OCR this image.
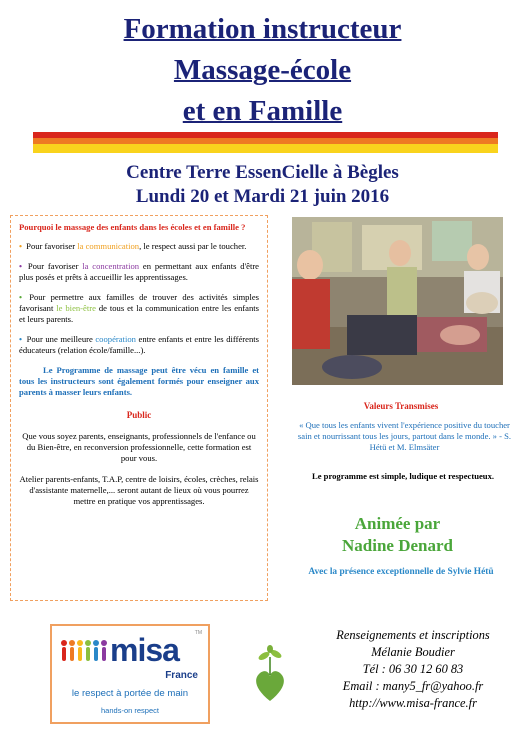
Formation instructeur
Massage-école
et en Famille
Centre Terre EssenCielle à Bègles
Lundi 20 et Mardi 21 juin 2016
Pourquoi le massage des enfants dans les écoles et en famille ?
• Pour favoriser la communication, le respect aussi par le toucher.
• Pour favoriser la concentration en permettant aux enfants d'être plus posés et prêts à accueillir les apprentissages.
• Pour permettre aux familles de trouver des activités simples favorisant le bien-être de tous et la communication entre les enfants et leurs parents.
• Pour une meilleure coopération entre enfants et entre les différents éducateurs (relation école/famille...).
Le Programme de massage peut être vécu en famille et tous les instructeurs sont également formés pour enseigner aux parents à masser leurs enfants.
Public
Que vous soyez parents, enseignants, professionnels de l'enfance ou du Bien-être, en reconversion professionnelle, cette formation est pour vous.
Atelier parents-enfants, T.A.P, centre de loisirs, écoles, crèches, relais d'assistante maternelle,... seront autant de lieux où vous pourrez mettre en pratique vos apprentissages.
Valeurs Transmises
« Que tous les enfants vivent l'expérience positive du toucher sain et nourrissant tous les jours, partout dans le monde. » - S. Hétü et M. Elmsäter
Le programme est simple, ludique et respectueux.
Animée par
Nadine Denard
Avec la présence exceptionnelle de Sylvie Hétü
TM
misa
France
le respect à portée de main
hands-on respect
Renseignements et inscriptions
Mélanie Boudier
Tél : 06 30 12 60 83
Email : many5_fr@yahoo.fr
http://www.misa-france.fr
